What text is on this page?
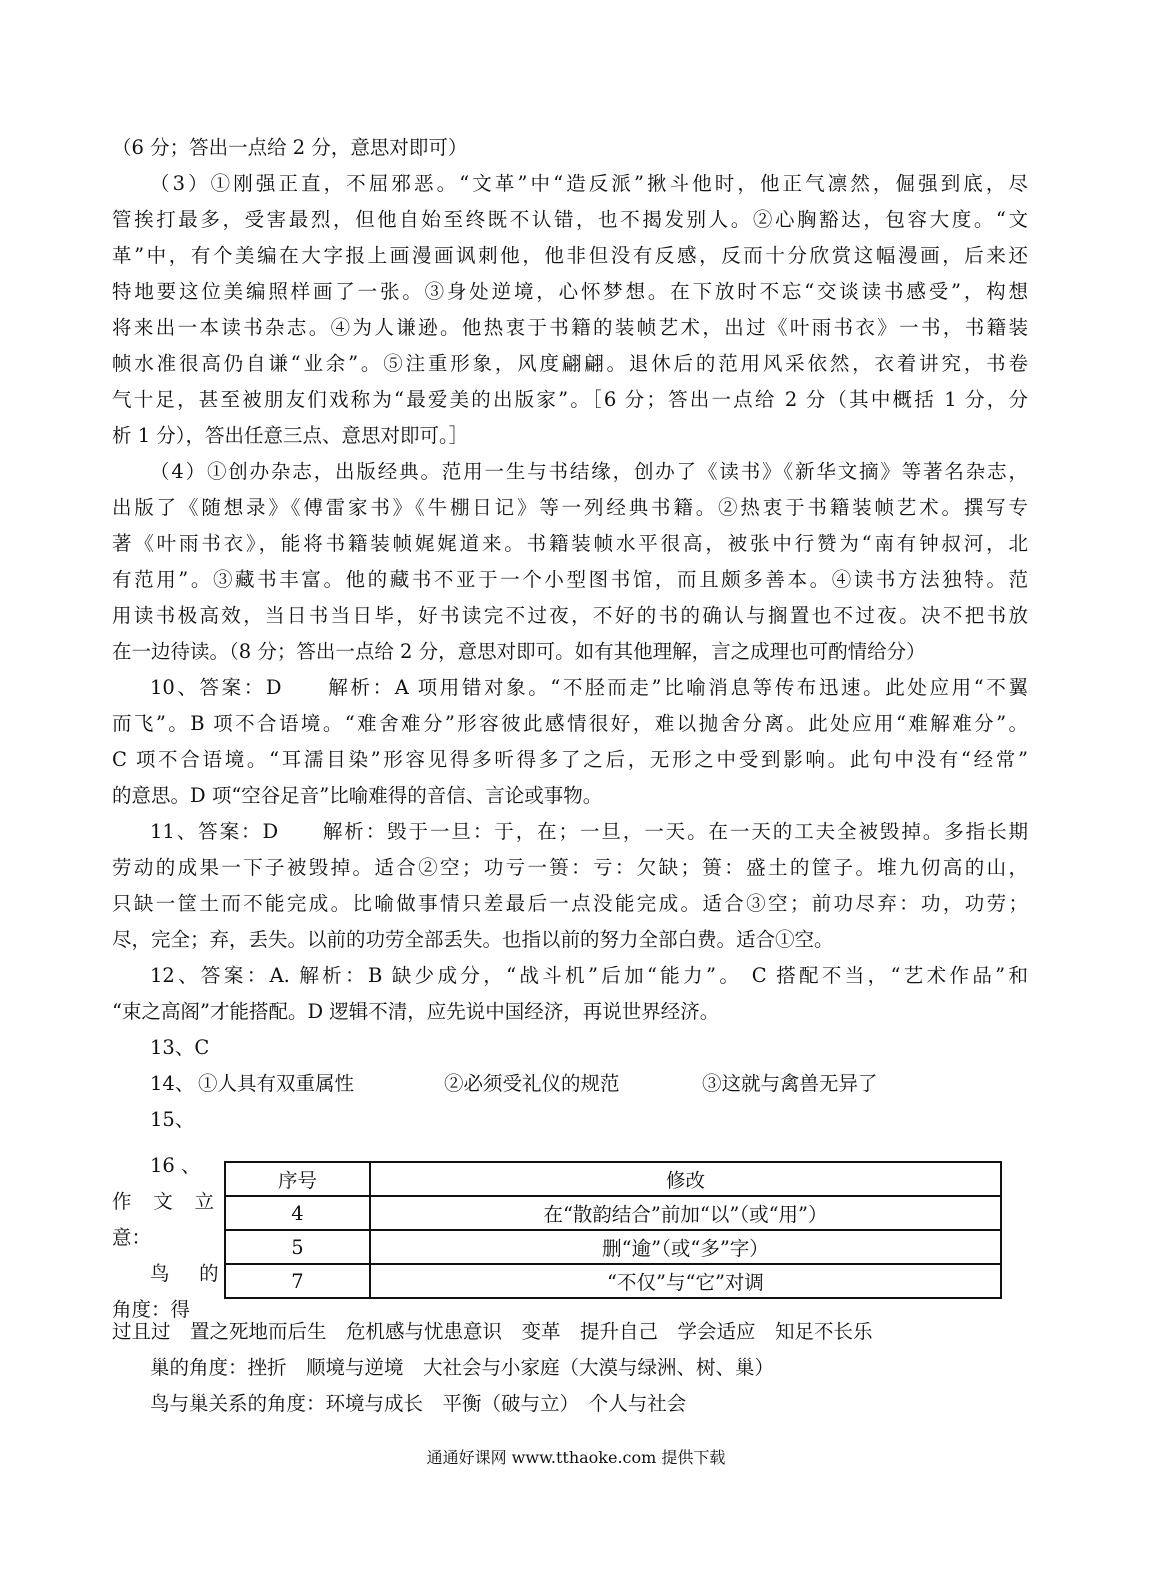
（6 分；答出一点给 2 分，意思对即可）
（3）①刚强正直，不屈邪恶。“文革”中“造反派”揪斗他时，他正气凛然，倔强到底，尽
管挨打最多，受害最烈，但他自始至终既不认错，也不揭发别人。②心胸豁达，包容大度。“文
革”中，有个美编在大字报上画漫画讽刺他，他非但没有反感，反而十分欣赏这幅漫画，后来还
特地要这位美编照样画了一张。③身处逆境，心怀梦想。在下放时不忘“交谈读书感受”，构想
将来出一本读书杂志。④为人谦逊。他热衷于书籍的装帧艺术，出过《叶雨书衣》一书，书籍装
帧水准很高仍自谦“业余”。⑤注重形象，风度翩翩。退休后的范用风采依然，衣着讲究，书卷
气十足，甚至被朋友们戏称为“最爱美的出版家”。［6 分；答出一点给 2 分（其中概括 1 分，分
析 1 分），答出任意三点、意思对即可。］
（4）①创办杂志，出版经典。范用一生与书结缘，创办了《读书》《新华文摘》等著名杂志，
出版了《随想录》《傅雷家书》《牛棚日记》等一列经典书籍。②热衷于书籍装帧艺术。撰写专
著《叶雨书衣》，能将书籍装帧娓娓道来。书籍装帧水平很高，被张中行赞为“南有钟叔河，北
有范用”。③藏书丰富。他的藏书不亚于一个小型图书馆，而且颇多善本。④读书方法独特。范
用读书极高效，当日书当日毕，好书读完不过夜，不好的书的确认与搁置也不过夜。决不把书放
在一边待读。（8 分；答出一点给 2 分，意思对即可。如有其他理解，言之成理也可酌情给分）
10、答案：D　　解析：A 项用错对象。“不胫而走”比喻消息等传布迅速。此处应用“不翼
而飞”。B 项不合语境。“难舍难分”形容彼此感情很好，难以抛舍分离。此处应用“难解难分”。
C 项不合语境。“耳濡目染”形容见得多听得多了之后，无形之中受到影响。此句中没有“经常”
的意思。D 项“空谷足音”比喻难得的音信、言论或事物。
11、答案：D　　解析：毁于一旦：于，在；一旦，一天。在一天的工夫全被毁掉。多指长期
劳动的成果一下子被毁掉。适合②空；功亏一篑：亏：欠缺；篑：盛土的筐子。堆九仞高的山，
只缺一筐土而不能完成。比喻做事情只差最后一点没能完成。适合③空；前功尽弃：功，功劳；
尽，完全；弃，丢失。以前的功劳全部丢失。也指以前的努力全部白费。适合①空。
12、答案：A. 解析：B 缺少成分，“战斗机”后加“能力”。 C 搭配不当，“艺术作品”和
“束之高阁”才能搭配。D 逻辑不清，应先说中国经济，再说世界经济。
13、C
14、 ①人具有双重属性	②必须受礼仪的规范	③这就与禽兽无异了
15、
16 、
作 文 立
意：
鸟 的
角度：得
序号	修改
4	在“散韵结合”前加“以”（或“用”）
5	删“逾”（或“多”字）
7	“不仅”与“它”对调
过且过　置之死地而后生　危机感与忧患意识　变革　提升自己　学会适应　知足不长乐
巢的角度：挫折　顺境与逆境　大社会与小家庭（大漠与绿洲、树、巢）
鸟与巢关系的角度：环境与成长　平衡（破与立）　个人与社会
通通好课网 www.tthaoke.com 提供下载
